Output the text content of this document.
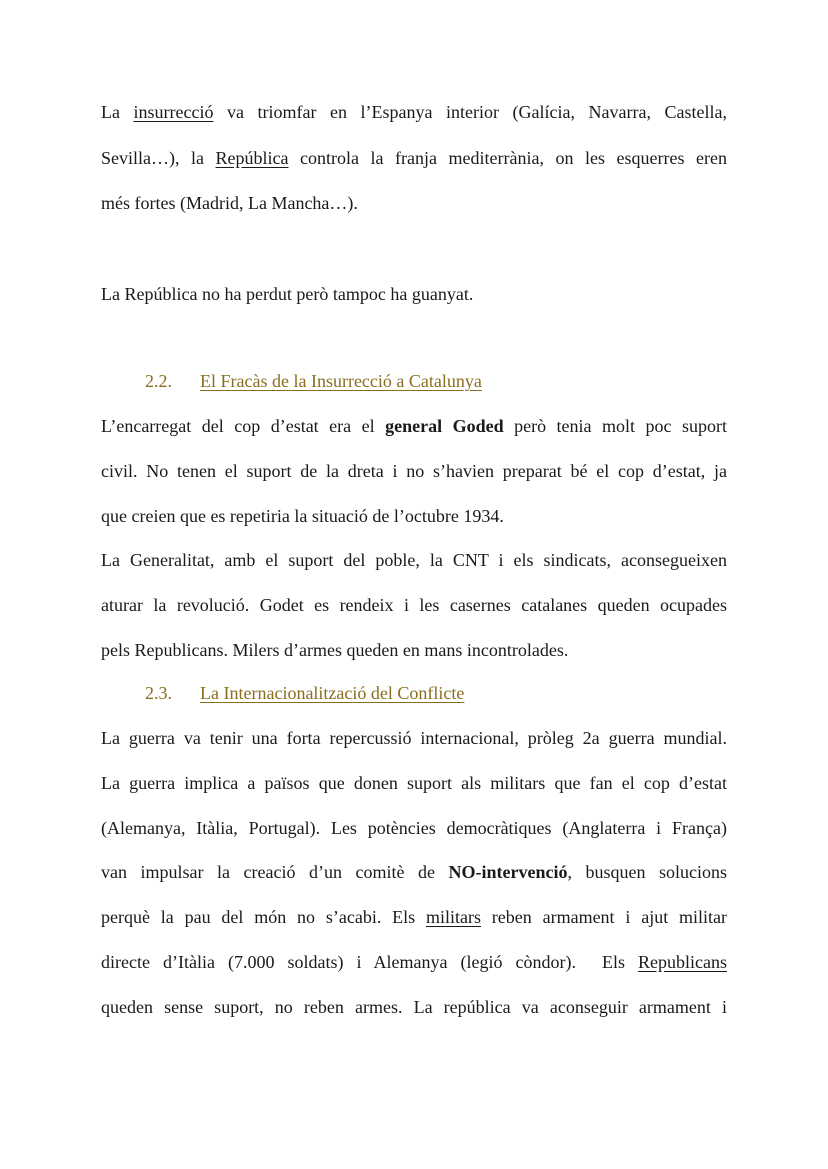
La insurrecció va triomfar en l’Espanya interior (Galícia, Navarra, Castella,
Sevilla…), la República controla la franja mediterrània, on les esquerres eren
més fortes (Madrid, La Mancha…).
La República no ha perdut però tampoc ha guanyat.
2.2. El Fracàs de la Insurrecció a Catalunya
L’encarregat del cop d’estat era el general Goded però tenia molt poc suport
civil. No tenen el suport de la dreta i no s’havien preparat bé el cop d’estat, ja
que creien que es repetiria la situació de l’octubre 1934.
La Generalitat, amb el suport del poble, la CNT i els sindicats, aconsegueixen
aturar la revolució. Godet es rendeix i les casernes catalanes queden ocupades
pels Republicans. Milers d’armes queden en mans incontrolades.
2.3. La Internacionalització del Conflicte
La guerra va tenir una forta repercussió internacional, pròleg 2a guerra mundial.
La guerra implica a països que donen suport als militars que fan el cop d’estat
(Alemanya, Itàlia, Portugal). Les potències democràtiques (Anglaterra i França)
van impulsar la creació d’un comitè de NO-intervenció, busquen solucions
perquè la pau del món no s’acabi. Els militars reben armament i ajut militar
directe d’Itàlia (7.000 soldats) i Alemanya (legió còndor).  Els Republicans
queden sense suport, no reben armes. La república va aconseguir armament i
